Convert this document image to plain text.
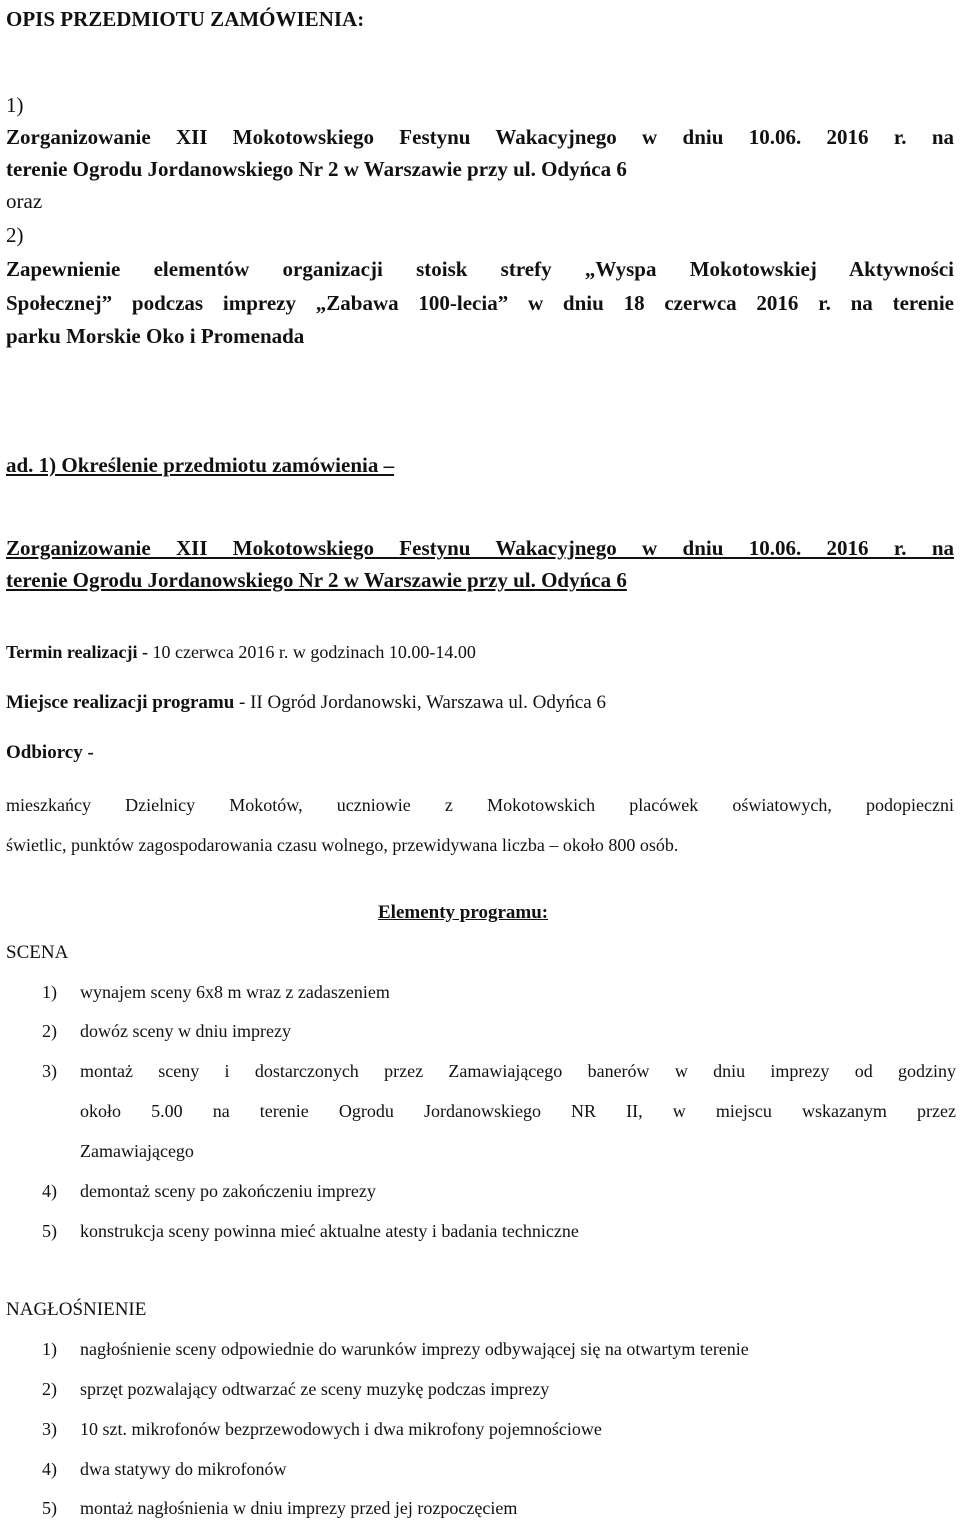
OPIS PRZEDMIOTU ZAMÓWIENIA:
1)
Zorganizowanie XII Mokotowskiego Festynu Wakacyjnego w dniu 10.06. 2016 r. na
terenie Ogrodu Jordanowskiego Nr 2 w Warszawie przy ul. Odyńca 6
oraz
2)
Zapewnienie elementów organizacji stoisk strefy „Wyspa Mokotowskiej Aktywności
Społecznej” podczas imprezy „Zabawa 100-lecia” w dniu 18 czerwca 2016 r. na terenie
parku Morskie Oko i Promenada
ad. 1) Określenie przedmiotu zamówienia –
Zorganizowanie XII Mokotowskiego Festynu Wakacyjnego w dniu 10.06. 2016 r. na
terenie Ogrodu Jordanowskiego Nr 2 w Warszawie przy ul. Odyńca 6
Termin realizacji - 10 czerwca 2016 r. w godzinach 10.00-14.00
Miejsce realizacji programu - II Ogród Jordanowski, Warszawa ul. Odyńca 6
Odbiorcy -
mieszkańcy Dzielnicy Mokotów, uczniowie z Mokotowskich placówek oświatowych, podopieczni
świetlic, punktów zagospodarowania czasu wolnego, przewidywana liczba – około 800 osób.
Elementy programu:
SCENA
1) wynajem sceny 6x8 m wraz z zadaszeniem
2) dowóz sceny w dniu imprezy
3) montaż sceny i dostarczonych przez Zamawiającego banerów w dniu imprezy od godziny
około 5.00 na terenie Ogrodu Jordanowskiego NR II, w miejscu wskazanym przez
Zamawiającego
4) demontaż sceny po zakończeniu imprezy
5) konstrukcja sceny powinna mieć aktualne atesty i badania techniczne
NAGŁOŚNIENIE
1) nagłośnienie sceny odpowiednie do warunków imprezy odbywającej się na otwartym terenie
2) sprzęt pozwalający odtwarzać ze sceny muzykę podczas imprezy
3) 10 szt. mikrofonów bezprzewodowych i dwa mikrofony pojemnościowe
4) dwa statywy do mikrofonów
5) montaż nagłośnienia w dniu imprezy przed jej rozpoczęciem
